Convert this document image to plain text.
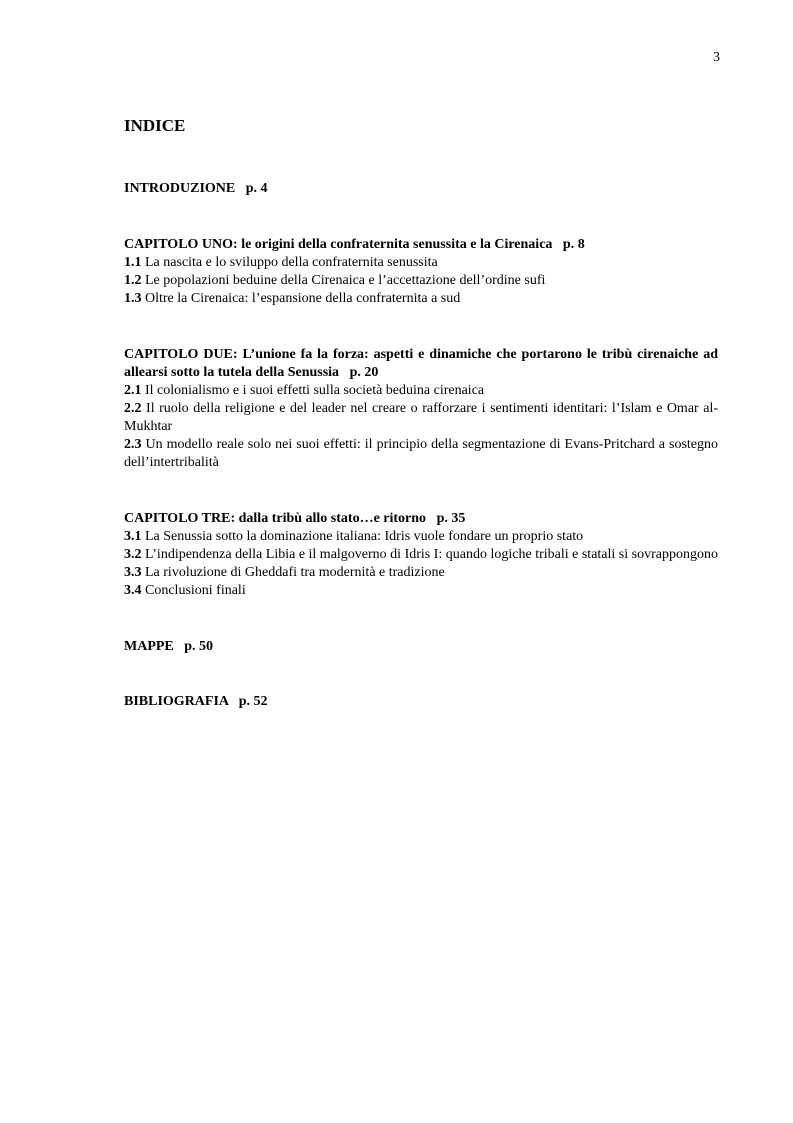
3
INDICE

INTRODUZIONE p. 4

CAPITOLO UNO: le origini della confraternita senussita e la Cirenaica p. 8

1.1 La nascita e lo sviluppo della confraternita senussita

1.2 Le popolazioni beduine della Cirenaica e l’accettazione dell’ordine sufi

1.3 Oltre la Cirenaica: l’espansione della confraternita a sud

CAPITOLO DUE: L’unione fa la forza: aspetti e dinamiche che portarono le tribù cirenaiche ad allearsi sotto la tutela della Senussia p. 20

2.1 Il colonialismo e i suoi effetti sulla società beduina cirenaica

2.2 Il ruolo della religione e del leader nel creare o rafforzare i sentimenti identitari: l’Islam e Omar al-Mukhtar

2.3 Un modello reale solo nei suoi effetti: il principio della segmentazione di Evans-Pritchard a sostegno dell’intertribalità

CAPITOLO TRE: dalla tribù allo stato…e ritorno p. 35

3.1 La Senussia sotto la dominazione italiana: Idris vuole fondare un proprio stato

3.2 L’indipendenza della Libia e il malgoverno di Idris I: quando logiche tribali e statali si sovrappongono

3.3 La rivoluzione di Gheddafi tra modernità e tradizione

3.4 Conclusioni finali

MAPPE p. 50

BIBLIOGRAFIA p. 52
